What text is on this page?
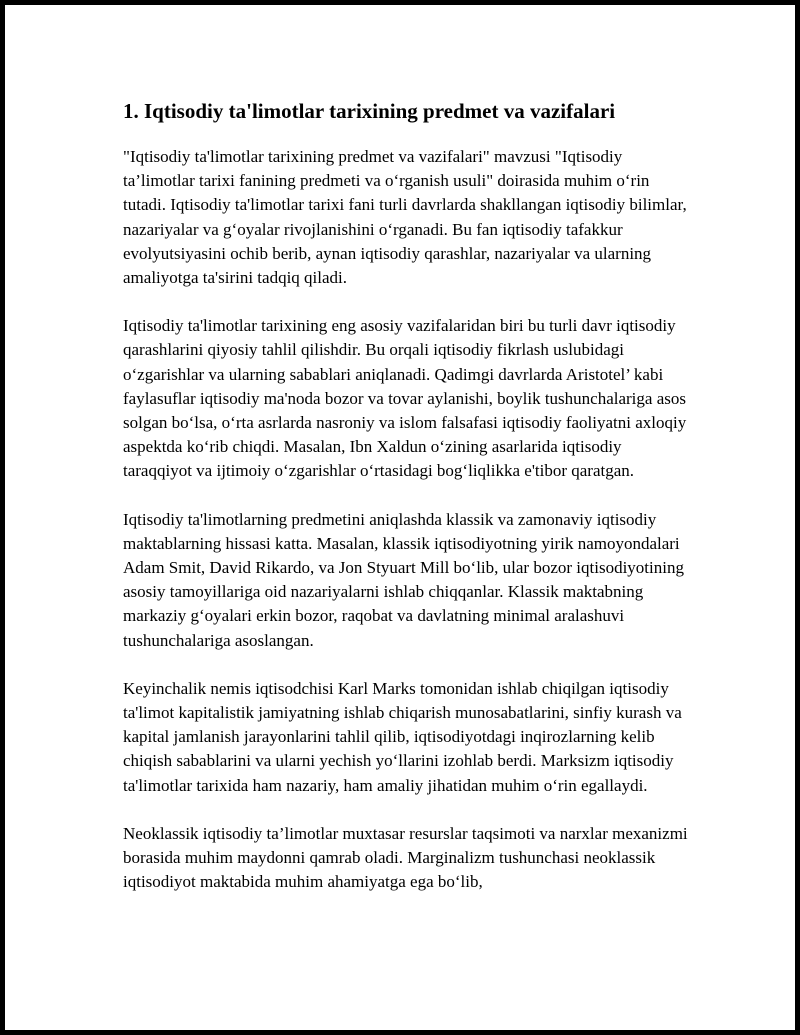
1. Iqtisodiy ta'limotlar tarixining predmet va vazifalari

"Iqtisodiy ta'limotlar tarixining predmet va vazifalari" mavzusi "Iqtisodiy ta’limotlar tarixi fanining predmeti va o‘rganish usuli" doirasida muhim o‘rin tutadi. Iqtisodiy ta'limotlar tarixi fani turli davrlarda shakllangan iqtisodiy bilimlar, nazariyalar va g‘oyalar rivojlanishini o‘rganadi. Bu fan iqtisodiy tafakkur evolyutsiyasini ochib berib, aynan iqtisodiy qarashlar, nazariyalar va ularning amaliyotga ta'sirini tadqiq qiladi.

Iqtisodiy ta'limotlar tarixining eng asosiy vazifalaridan biri bu turli davr iqtisodiy qarashlarini qiyosiy tahlil qilishdir. Bu orqali iqtisodiy fikrlash uslubidagi o‘zgarishlar va ularning sabablari aniqlanadi. Qadimgi davrlarda Aristotel’ kabi faylasuflar iqtisodiy ma'noda bozor va tovar aylanishi, boylik tushunchalariga asos solgan bo‘lsa, o‘rta asrlarda nasroniy va islom falsafasi iqtisodiy faoliyatni axloqiy aspektda ko‘rib chiqdi. Masalan, Ibn Xaldun o‘zining asarlarida iqtisodiy taraqqiyot va ijtimoiy o‘zgarishlar o‘rtasidagi bog‘liqlikka e'tibor qaratgan.

Iqtisodiy ta'limotlarning predmetini aniqlashda klassik va zamonaviy iqtisodiy maktablarning hissasi katta. Masalan, klassik iqtisodiyotning yirik namoyondalari Adam Smit, David Rikardo, va Jon Styuart Mill bo‘lib, ular bozor iqtisodiyotining asosiy tamoyillariga oid nazariyalarni ishlab chiqqanlar. Klassik maktabning markaziy g‘oyalari erkin bozor, raqobat va davlatning minimal aralashuvi tushunchalariga asoslangan.

Keyinchalik nemis iqtisodchisi Karl Marks tomonidan ishlab chiqilgan iqtisodiy ta'limot kapitalistik jamiyatning ishlab chiqarish munosabatlarini, sinfiy kurash va kapital jamlanish jarayonlarini tahlil qilib, iqtisodiyotdagi inqirozlarning kelib chiqish sabablarini va ularni yechish yo‘llarini izohlab berdi. Marksizm iqtisodiy ta'limotlar tarixida ham nazariy, ham amaliy jihatidan muhim o‘rin egallaydi.

Neoklassik iqtisodiy ta’limotlar muxtasar resurslar taqsimoti va narxlar mexanizmi borasida muhim maydonni qamrab oladi. Marginalizm tushunchasi neoklassik iqtisodiyot maktabida muhim ahamiyatga ega bo‘lib,
